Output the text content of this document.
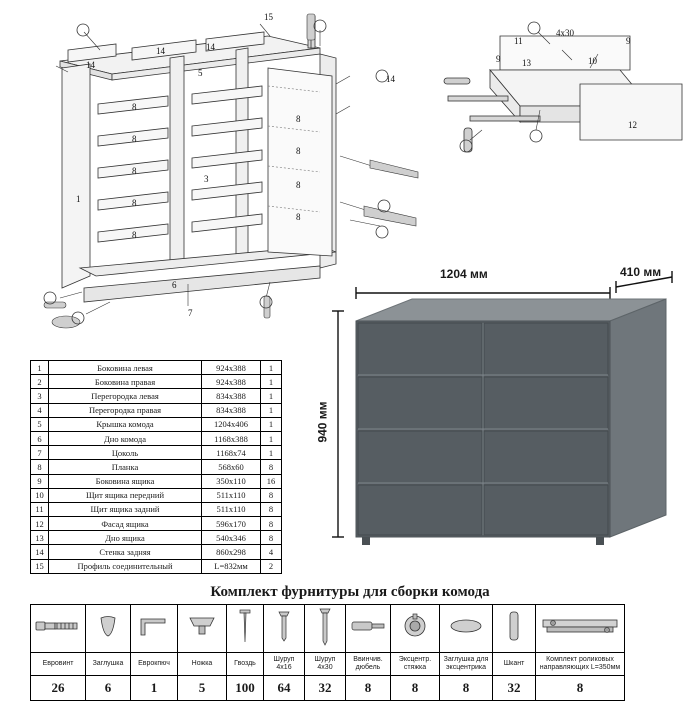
15
14
14	14
5
1
3
8
8
8
8
8
8
8
8
8
6
7
14
11
4х30
9
9
13	10
12
1	Боковина левая	924х388	1
2	Боковина правая	924х388	1
3	Перегородка левая	834х388	1
4	Перегородка правая	834х388	1
5	Крышка комода	1204х406	1
6	Дно комода	1168х388	1
7	Цоколь	1168х74	1
8	Планка	568х60	8
9	Боковина ящика	350х110	16
10	Щит ящика передний	511х110	8
11	Щит ящика задний	511х110	8
12	Фасад ящика	596х170	8
13	Дно ящика	540х346	8
14	Стенка задняя	860х298	4
15	Профиль соединительный	L=832мм	2
1204 мм	410 мм
940 мм
Комплект фурнитуры для сборки комода

Евровинт	Заглушка	Еврокпюч	Ножка	Гвоздь	Шуруп 4х16	Шуруп 4х30	Ввинчив. дюбель	Эксцентр. стяжка	Заглушка для эксцентрика	Шкант	Комплект роликовых направляющих L=350мм
26	6	1	5	100	64	32	8	8	8	32	8
